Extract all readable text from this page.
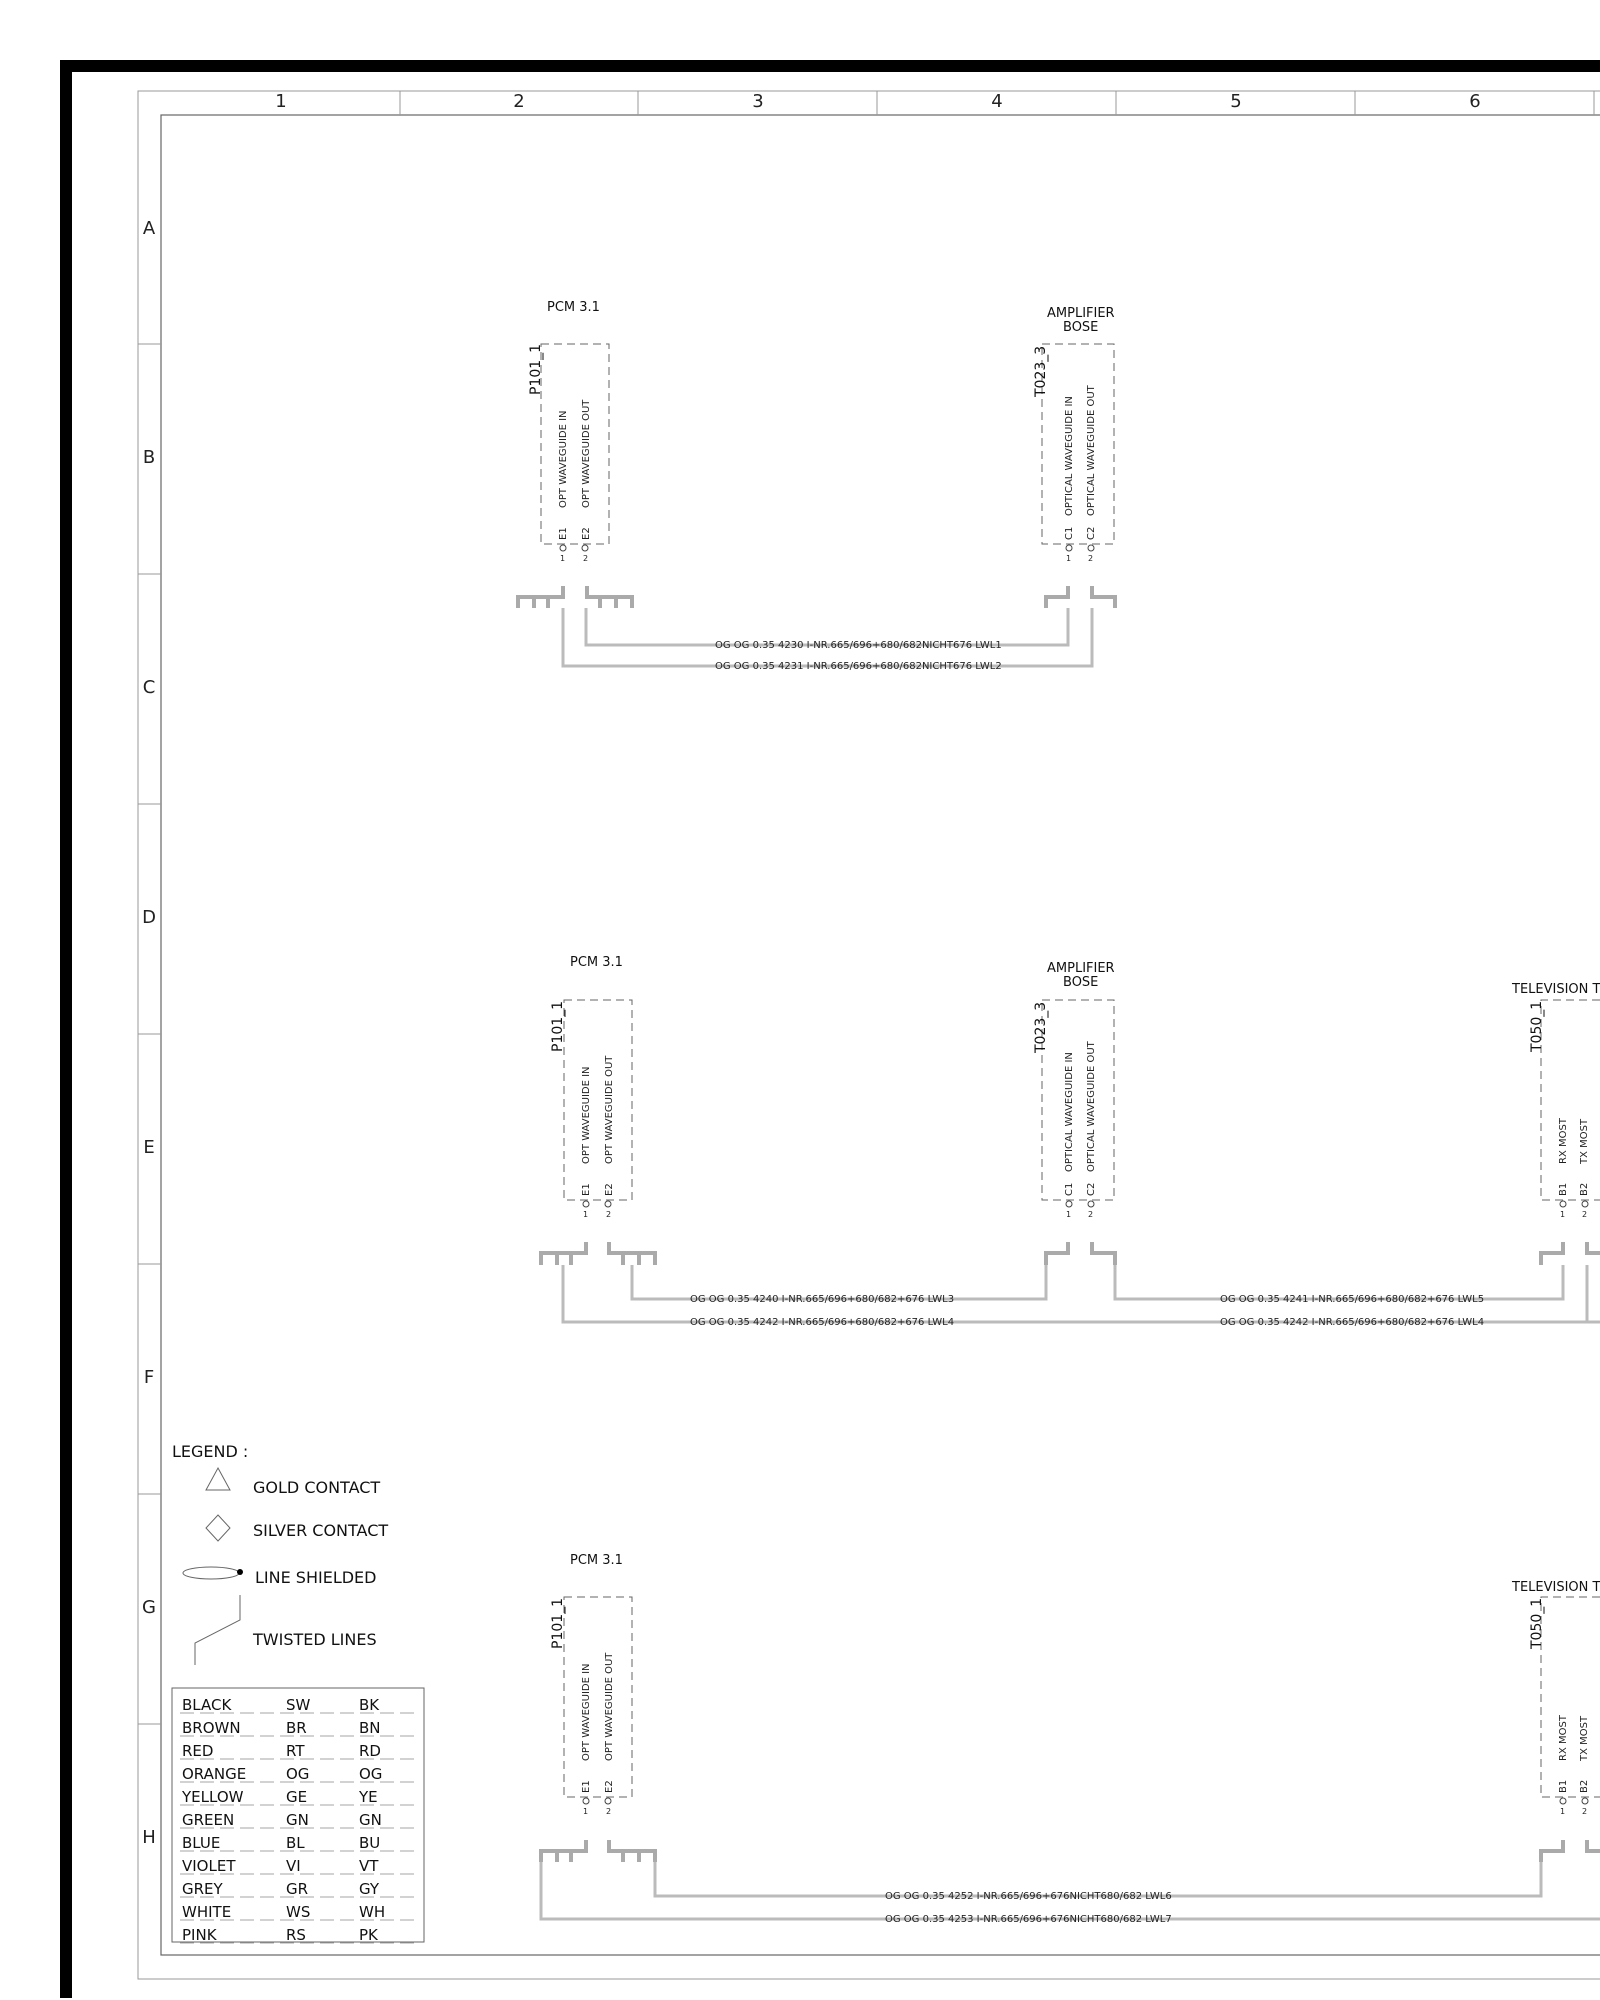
1	2	3	4	5	6
A
B
C
D
E
F
G
H
PCM 3.1
P101_1
OPT WAVEGUIDE IN OPT WAVEGUIDE OUT
E1 E2
1 2
AMPLIFIER
BOSE
T023_3
OPTICAL WAVEGUIDE IN OPTICAL WAVEGUIDE OUT
C1 C2
1 2
OG OG 0.35 4230 I-NR.665/696+680/682NICHT676 LWL1
OG OG 0.35 4231 I-NR.665/696+680/682NICHT676 LWL2
PCM 3.1
P101_1
OPT WAVEGUIDE IN OPT WAVEGUIDE OUT
E1 E2
1 2
AMPLIFIER
BOSE
T023_3
OPTICAL WAVEGUIDE IN OPTICAL WAVEGUIDE OUT
C1 C2
1 2
TELEVISION T
T050_1
RX MOST TX MOST
B1 B2
1 2
OG OG 0.35 4240 I-NR.665/696+680/682+676 LWL3
OG OG 0.35 4242 I-NR.665/696+680/682+676 LWL4
OG OG 0.35 4241 I-NR.665/696+680/682+676 LWL5
OG OG 0.35 4242 I-NR.665/696+680/682+676 LWL4
PCM 3.1
P101_1
OPT WAVEGUIDE IN OPT WAVEGUIDE OUT
E1 E2
1 2
TELEVISION T
T050_1
RX MOST TX MOST
B1 B2
1 2
OG OG 0.35 4252 I-NR.665/696+676NICHT680/682 LWL6
OG OG 0.35 4253 I-NR.665/696+676NICHT680/682 LWL7
LEGEND :
GOLD CONTACT
SILVER CONTACT
LINE SHIELDED
TWISTED LINES
BLACK	SW	BK
BROWN	BR	BN
RED	RT	RD
ORANGE	OG	OG
YELLOW	GE	YE
GREEN	GN	GN
BLUE	BL	BU
VIOLET	VI	VT
GREY	GR	GY
WHITE	WS	WH
PINK	RS	PK
